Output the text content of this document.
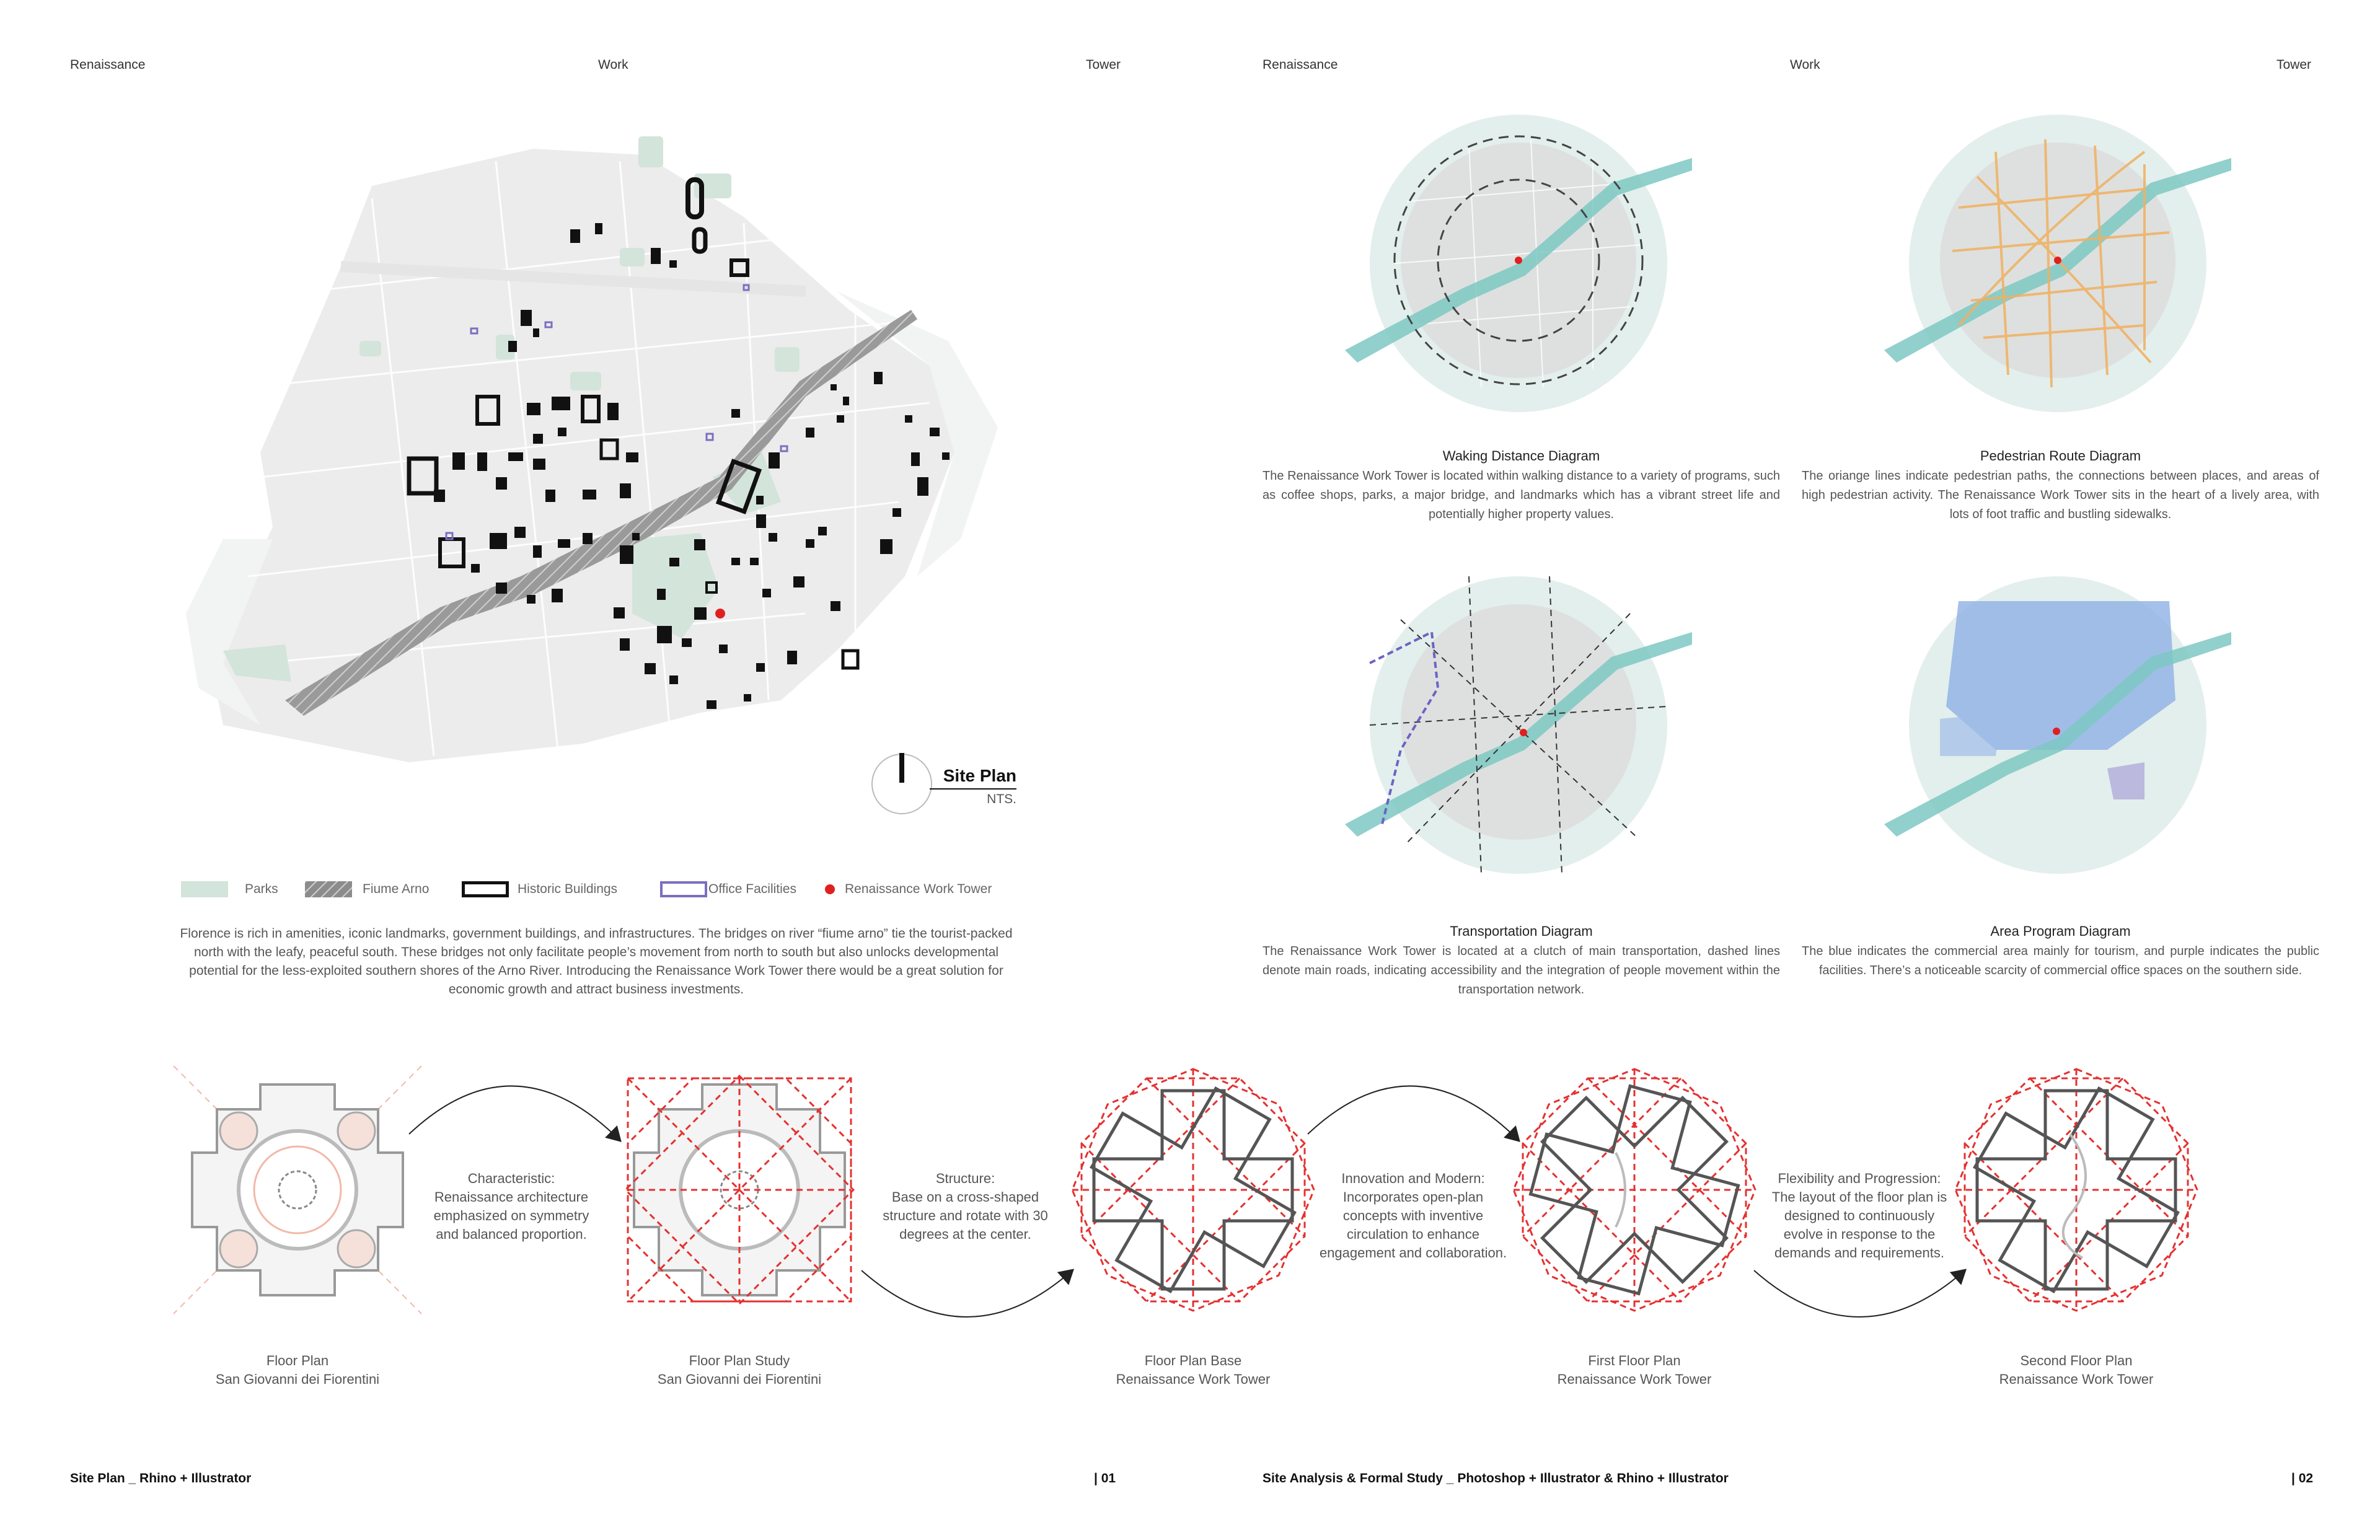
Renaissance	Work	Tower
Site Plan
NTS.
Parks	Fiume Arno	Historic Buildings	Office Facilities	Renaissance Work Tower
Florence is rich in amenities, iconic landmarks, government buildings, and infrastructures. The bridges on river “fiume arno” tie the tourist-packed north with the leafy, peaceful south. These bridges not only facilitate people’s movement from north to south but also unlocks developmental potential for the less-exploited southern shores of the Arno River. Introducing the Renaissance Work Tower there would be a great solution for economic growth and attract business investments.
Renaissance	Work	Tower
Waking Distance Diagram
The Renaissance Work Tower is located within walking distance to a variety of programs, such as coffee shops, parks, a major bridge, and landmarks which has a vibrant street life and potentially higher property values.
Pedestrian Route Diagram
The oriange lines indicate pedestrian paths, the connections between places, and areas of high pedestrian activity. The Renaissance Work Tower sits in the heart of a lively area, with lots of foot traffic and bustling sidewalks.
Transportation Diagram
The Renaissance Work Tower is located at a clutch of main transportation, dashed lines denote main roads, indicating accessibility and the integration of people movement within the transportation network.
Area Program Diagram
The blue indicates the commercial area mainly for tourism, and purple indicates the public facilities. There’s a noticeable scarcity of commercial office spaces on the southern side.
Characteristic:
Renaissance architecture emphasized on symmetry and balanced proportion.
Structure:
Base on a cross-shaped structure and rotate with 30 degrees at the center.
Innovation and Modern:
Incorporates open-plan concepts with inventive circulation to enhance engagement and collaboration.
Flexibility and Progression:
The layout of the floor plan is designed to continuously evolve in response to the demands and requirements.
Floor Plan
San Giovanni dei Fiorentini
Floor Plan Study
San Giovanni dei Fiorentini
Floor Plan Base
Renaissance Work Tower
First Floor Plan
Renaissance Work Tower
Second Floor Plan
Renaissance Work Tower
Site Plan _ Rhino + Illustrator	| 01	Site Analysis & Formal Study _ Photoshop + Illustrator & Rhino + Illustrator	| 02
